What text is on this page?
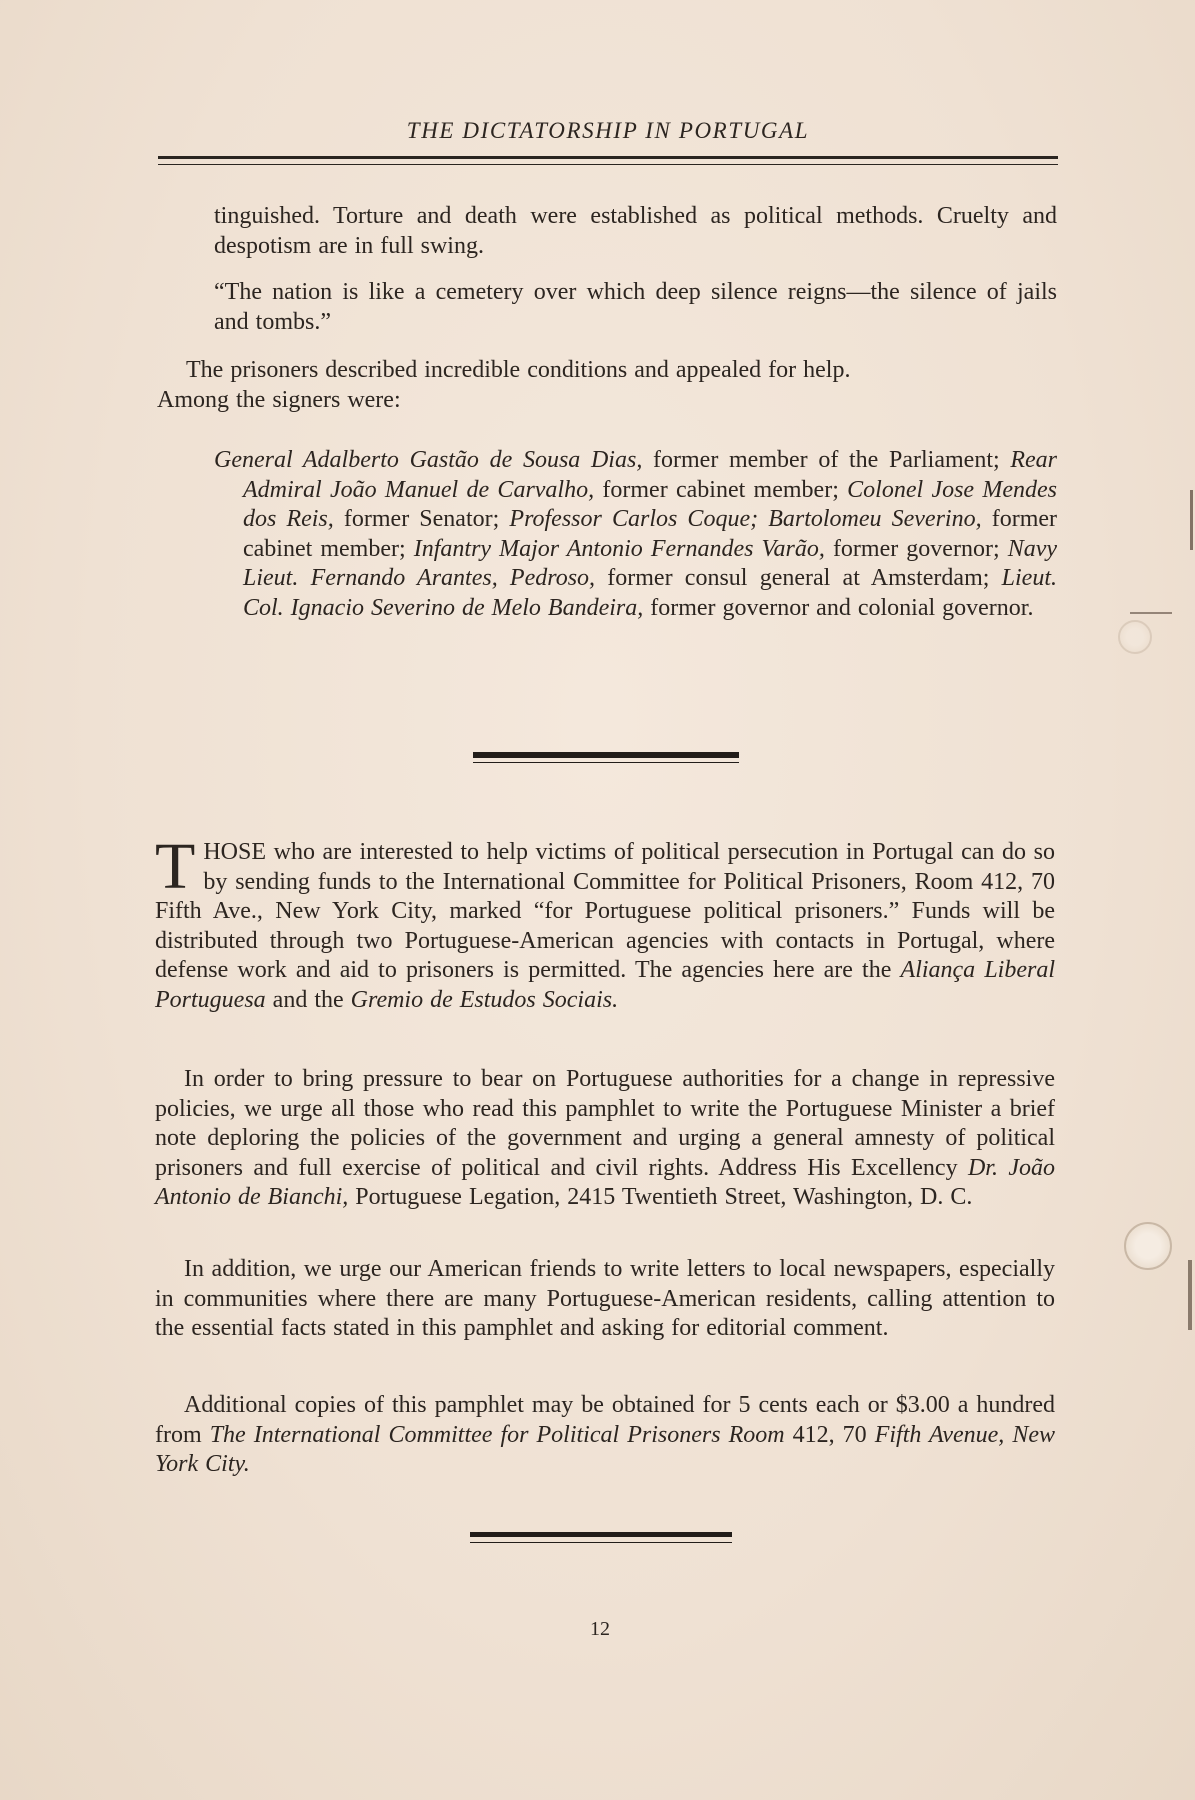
THE DICTATORSHIP IN PORTUGAL
tinguished. Torture and death were established as political methods. Cruelty and despotism are in full swing.
“The nation is like a cemetery over which deep silence reigns—the silence of jails and tombs.”
The prisoners described incredible conditions and appealed for help.
Among the signers were:
General Adalberto Gastão de Sousa Dias, former member of the Parliament; Rear Admiral João Manuel de Carvalho, former cabinet member; Colonel Jose Mendes dos Reis, former Senator; Professor Carlos Coque; Bartolomeu Severino, former cabinet member; Infantry Major Antonio Fernandes Varão, former governor; Navy Lieut. Fernando Arantes, Pedroso, former consul general at Amsterdam; Lieut. Col. Ignacio Severino de Melo Bandeira, former governor and colonial governor.
THOSE who are interested to help victims of political persecution in Portugal can do so by sending funds to the International Committee for Political Prisoners, Room 412, 70 Fifth Ave., New York City, marked “for Portuguese political prisoners.” Funds will be distributed through two Portuguese-American agencies with contacts in Portugal, where defense work and aid to prisoners is permitted. The agencies here are the Aliança Liberal Portuguesa and the Gremio de Estudos Sociais.
In order to bring pressure to bear on Portuguese authorities for a change in repressive policies, we urge all those who read this pamphlet to write the Portuguese Minister a brief note deploring the policies of the government and urging a general amnesty of political prisoners and full exercise of political and civil rights. Address His Excellency Dr. João Antonio de Bianchi, Portuguese Legation, 2415 Twentieth Street, Washington, D. C.
In addition, we urge our American friends to write letters to local newspapers, especially in communities where there are many Portuguese-American residents, calling attention to the essential facts stated in this pamphlet and asking for editorial comment.
Additional copies of this pamphlet may be obtained for 5 cents each or $3.00 a hundred from The International Committee for Political Prisoners Room 412, 70 Fifth Avenue, New York City.
12
